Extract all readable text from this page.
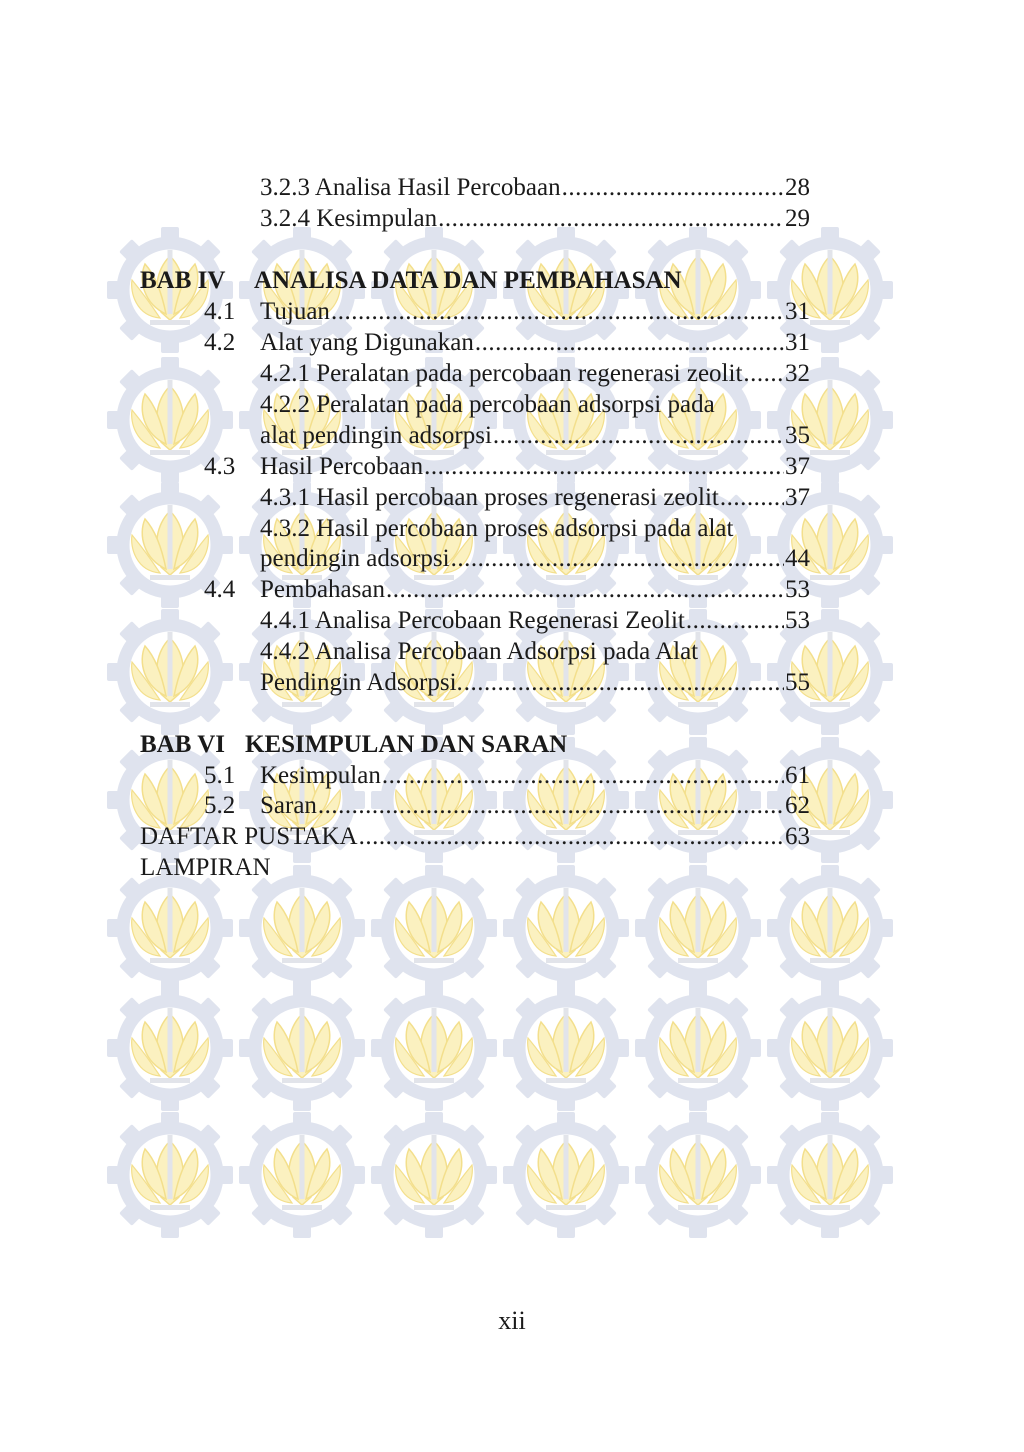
3.2.3 Analisa Hasil Percobaan .....	28
3.2.4 Kesimpulan .....	29
BAB IV ANALISA DATA DAN PEMBAHASAN
4.1 Tujuan .....	31
4.2 Alat yang Digunakan .....	31
4.2.1 Peralatan pada percobaan regenerasi zeolit ..... 32
4.2.2 Peralatan pada percobaan adsorpsi pada
alat pendingin adsorpsi .....	35
4.3 Hasil Percobaan .....	37
4.3.1 Hasil percobaan proses regenerasi zeolit .....	37
4.3.2 Hasil percobaan proses adsorpsi pada alat
pendingin adsorpsi .....	44
4.4 Pembahasan .....	53
4.4.1 Analisa Percobaan Regenerasi Zeolit .....	53
4.4.2 Analisa Percobaan Adsorpsi pada Alat
Pendingin Adsorpsi. .....	55
BAB VI KESIMPULAN DAN SARAN
5.1 Kesimpulan .....	61
5.2 Saran .....	62
DAFTAR PUSTAKA .....	63
LAMPIRAN
xii
